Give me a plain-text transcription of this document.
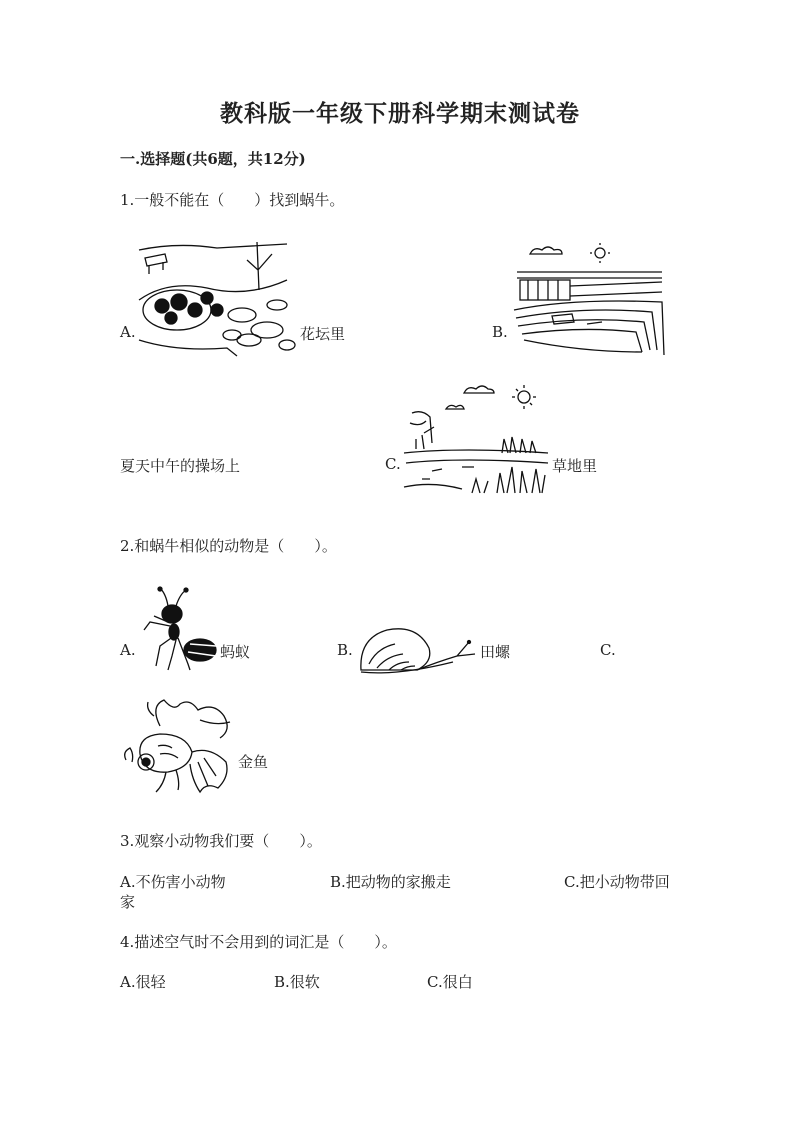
教科版一年级下册科学期末测试卷
一.选择题(共6题，共12分)
1.一般不能在（　　）找到蜗牛。
A.	花坛里	B.
夏天中午的操场上	C.	草地里
2.和蜗牛相似的动物是（　　）。
A.	蚂蚁	B.	田螺	C.
金鱼
3.观察小动物我们要（　　）。
A.不伤害小动物	B.把动物的家搬走	C.把小动物带回
家
4.描述空气时不会用到的词汇是（　　）。
A.很轻	B.很软	C.很白
